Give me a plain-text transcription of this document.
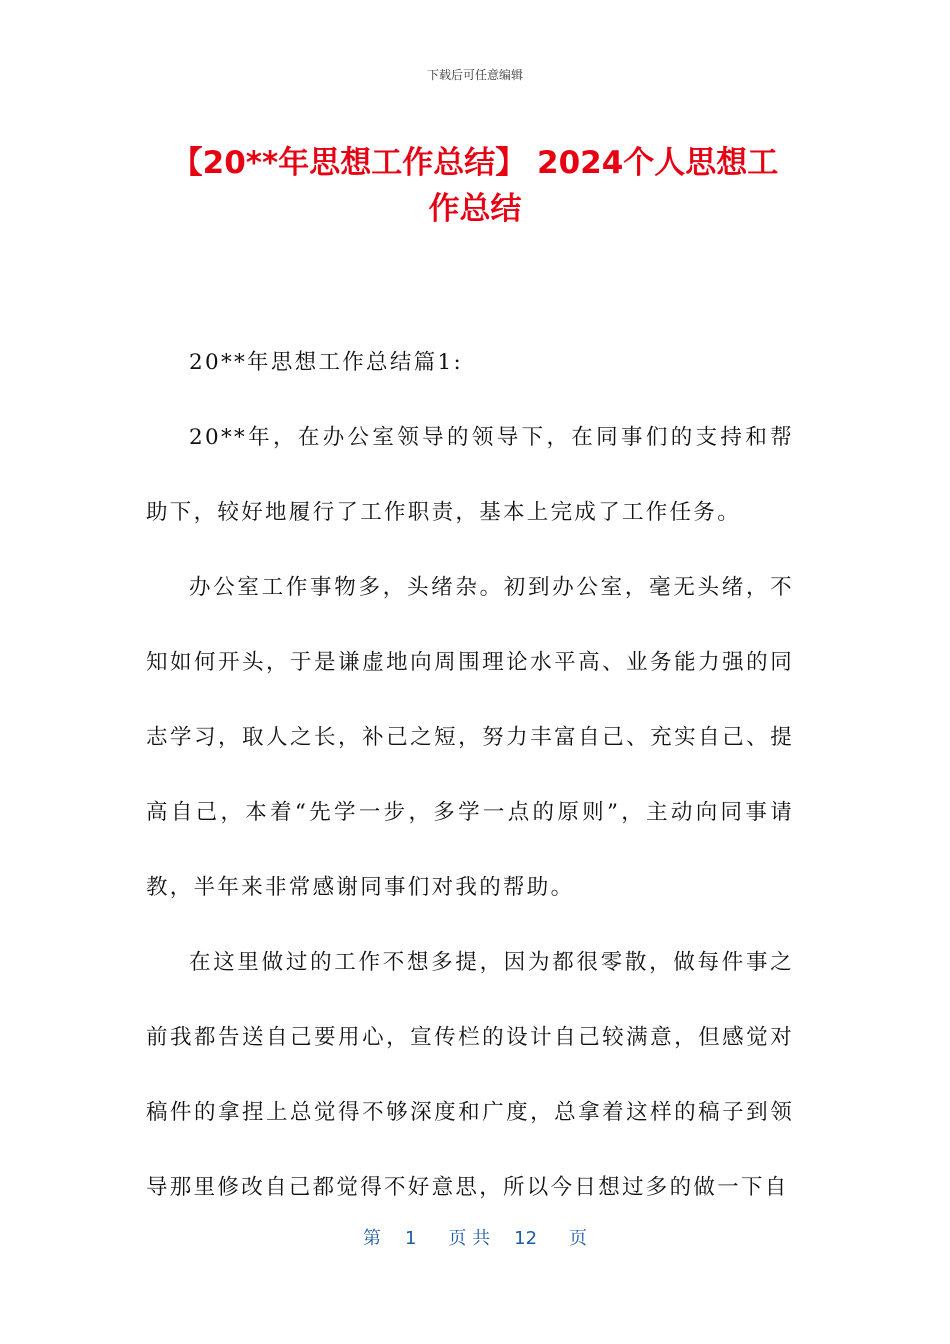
下载后可任意编辑
【20**年思想工作总结】 2024个人思想工
作总结

20**年思想工作总结篇1:

20**年，在办公室领导的领导下，在同事们的支持和帮助下，较好地履行了工作职责，基本上完成了工作任务。

办公室工作事物多，头绪杂。初到办公室，毫无头绪，不知如何开头，于是谦虚地向周围理论水平高、业务能力强的同志学习，取人之长，补己之短，努力丰富自己、充实自己、提高自己，本着“先学一步，多学一点的原则”，主动向同事请教，半年来非常感谢同事们对我的帮助。

在这里做过的工作不想多提，因为都很零散，做每件事之前我都告送自己要用心，宣传栏的设计自己较满意，但感觉对稿件的拿捏上总觉得不够深度和广度，总拿着这样的稿子到领导那里修改自己都觉得不好意思，所以今日想过多的做一下自

第 1 页 共 12 页
